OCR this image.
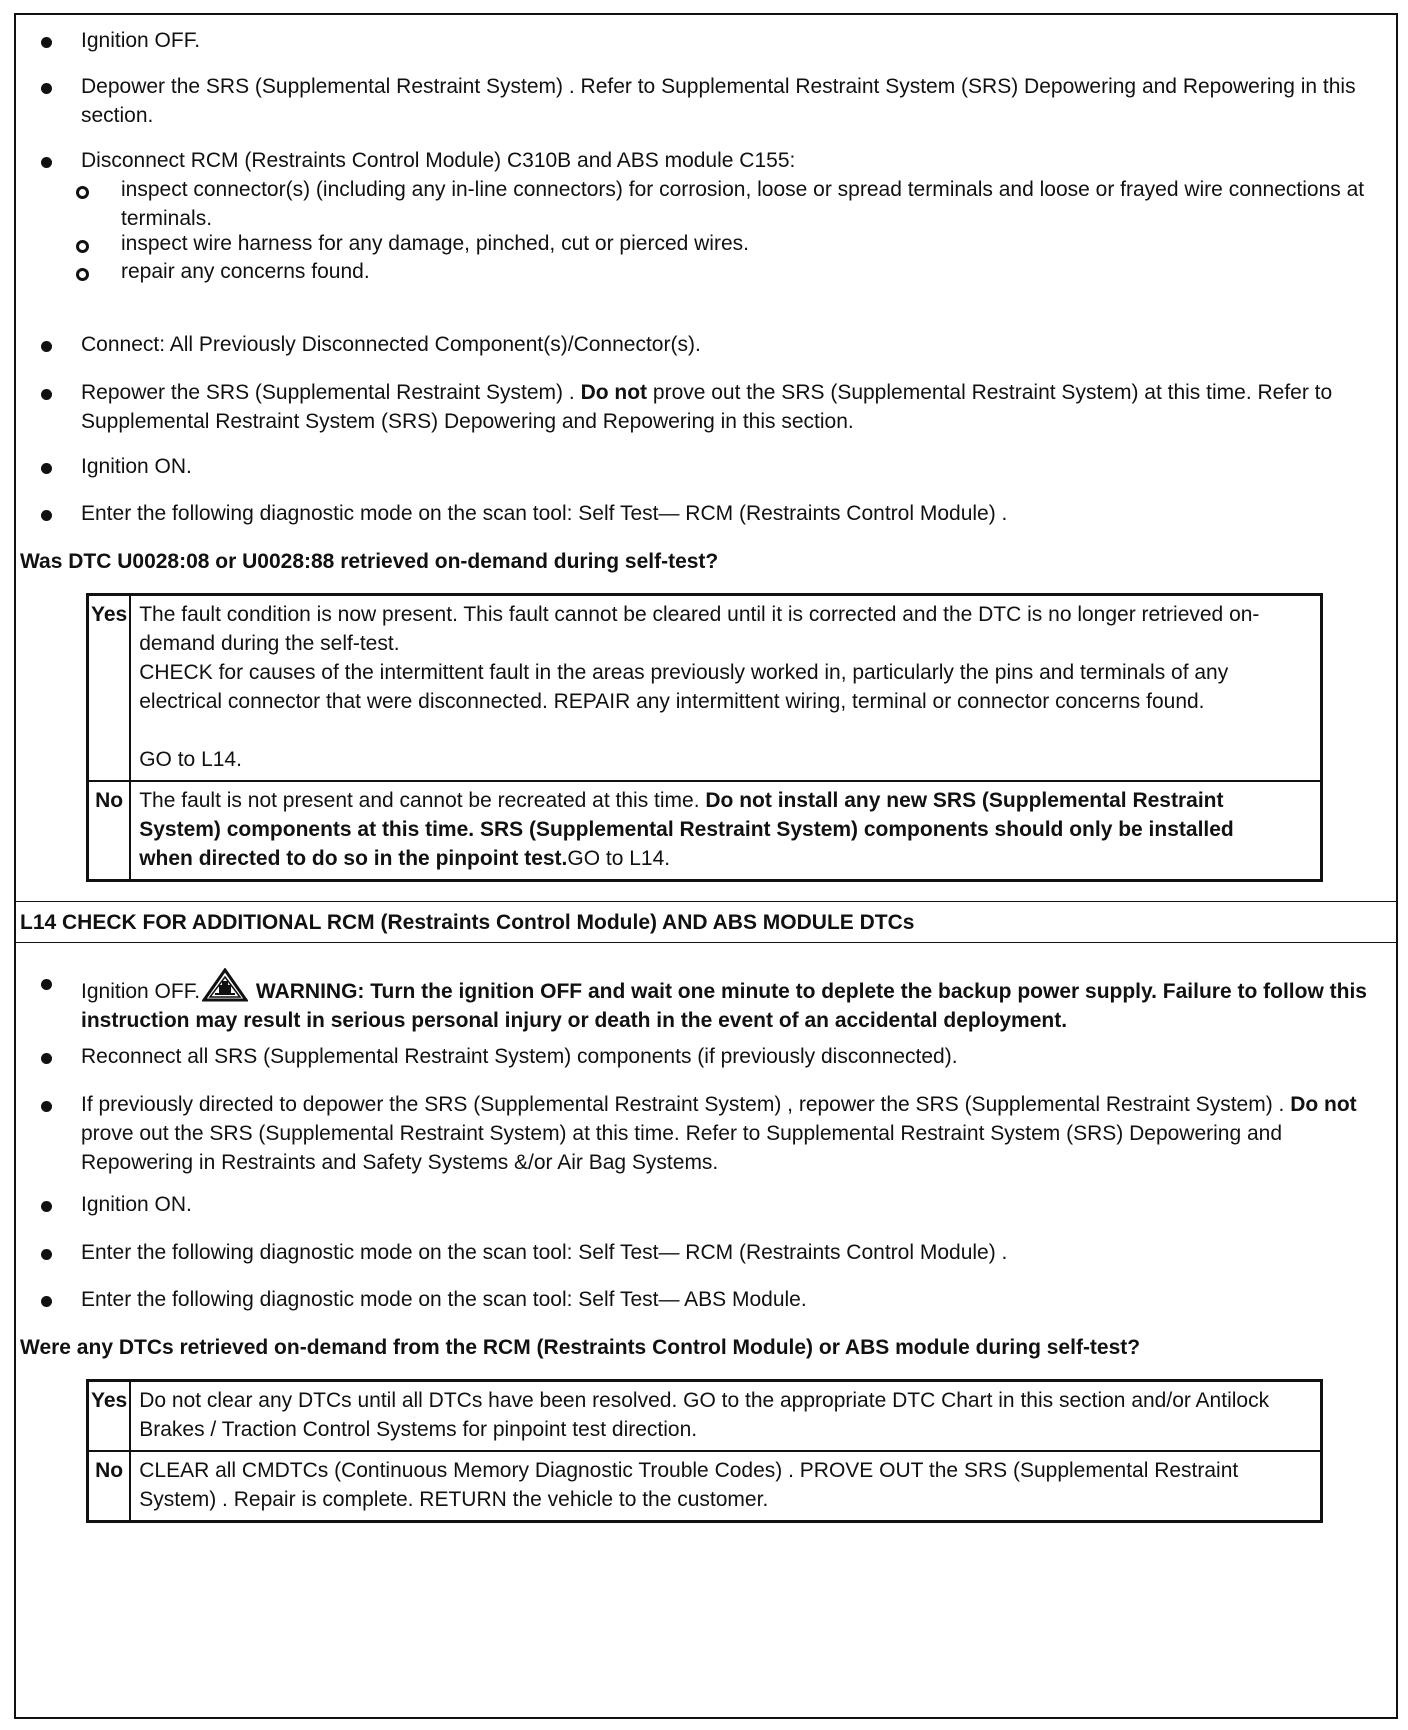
Ignition OFF.
Depower the SRS (Supplemental Restraint System) . Refer to Supplemental Restraint System (SRS) Depowering and Repowering in this section.
Disconnect RCM (Restraints Control Module) C310B and ABS module C155:
inspect connector(s) (including any in-line connectors) for corrosion, loose or spread terminals and loose or frayed wire connections at terminals.
inspect wire harness for any damage, pinched, cut or pierced wires.
repair any concerns found.
Connect: All Previously Disconnected Component(s)/Connector(s).
Repower the SRS (Supplemental Restraint System) . Do not prove out the SRS (Supplemental Restraint System) at this time. Refer to Supplemental Restraint System (SRS) Depowering and Repowering in this section.
Ignition ON.
Enter the following diagnostic mode on the scan tool: Self Test— RCM (Restraints Control Module) .
Was DTC U0028:08 or U0028:88 retrieved on-demand during self-test?
Yes	The fault condition is now present. This fault cannot be cleared until it is corrected and the DTC is no longer retrieved on-demand during the self-test.
CHECK for causes of the intermittent fault in the areas previously worked in, particularly the pins and terminals of any electrical connector that were disconnected. REPAIR any intermittent wiring, terminal or connector concerns found.
GO to L14.

No	The fault is not present and cannot be recreated at this time. Do not install any new SRS (Supplemental Restraint System) components at this time. SRS (Supplemental Restraint System) components should only be installed when directed to do so in the pinpoint test.GO to L14.
L14 CHECK FOR ADDITIONAL RCM (Restraints Control Module) AND ABS MODULE DTCs
Ignition OFF.	WARNING: Turn the ignition OFF and wait one minute to deplete the backup power supply. Failure to follow this instruction may result in serious personal injury or death in the event of an accidental deployment.
Reconnect all SRS (Supplemental Restraint System) components (if previously disconnected).
If previously directed to depower the SRS (Supplemental Restraint System) , repower the SRS (Supplemental Restraint System) . Do not prove out the SRS (Supplemental Restraint System) at this time. Refer to Supplemental Restraint System (SRS) Depowering and Repowering in Restraints and Safety Systems &/or Air Bag Systems.
Ignition ON.
Enter the following diagnostic mode on the scan tool: Self Test— RCM (Restraints Control Module) .
Enter the following diagnostic mode on the scan tool: Self Test— ABS Module.
Were any DTCs retrieved on-demand from the RCM (Restraints Control Module) or ABS module during self-test?
Yes	Do not clear any DTCs until all DTCs have been resolved. GO to the appropriate DTC Chart in this section and/or Antilock Brakes / Traction Control Systems for pinpoint test direction.
No	CLEAR all CMDTCs (Continuous Memory Diagnostic Trouble Codes) . PROVE OUT the SRS (Supplemental Restraint System) . Repair is complete. RETURN the vehicle to the customer.
